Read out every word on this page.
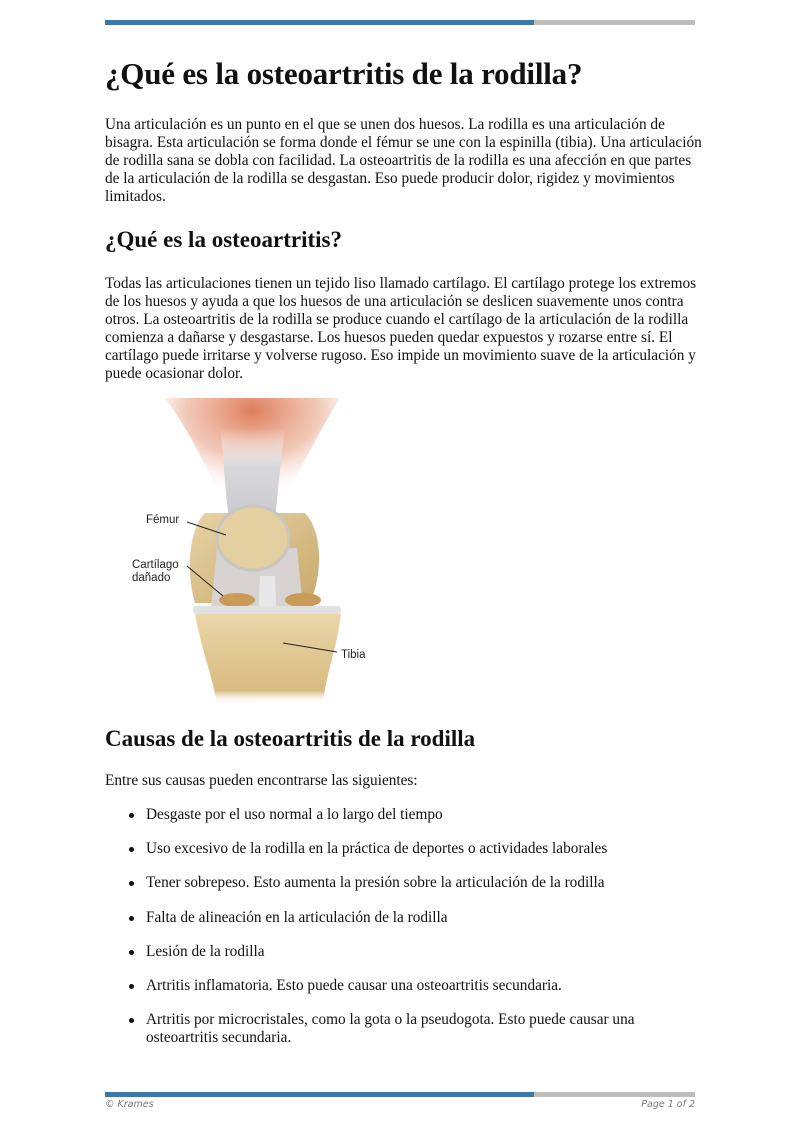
¿Qué es la osteoartritis de la rodilla?

Una articulación es un punto en el que se unen dos huesos. La rodilla es una articulación de bisagra. Esta articulación se forma donde el fémur se une con la espinilla (tibia). Una articulación de rodilla sana se dobla con facilidad. La osteoartritis de la rodilla es una afección en que partes de la articulación de la rodilla se desgastan. Eso puede producir dolor, rigidez y movimientos limitados.

¿Qué es la osteoartritis?

Todas las articulaciones tienen un tejido liso llamado cartílago. El cartílago protege los extremos de los huesos y ayuda a que los huesos de una articulación se deslicen suavemente unos contra otros. La osteoartritis de la rodilla se produce cuando el cartílago de la articulación de la rodilla comienza a dañarse y desgastarse. Los huesos pueden quedar expuestos y rozarse entre sí. El cartílago puede irritarse y volverse rugoso. Eso impide un movimiento suave de la articulación y puede ocasionar dolor.

Fémur
Cartílago
dañado
Tibia
Causas de la osteoartritis de la rodilla

Entre sus causas pueden encontrarse las siguientes:

Desgaste por el uso normal a lo largo del tiempo
Uso excesivo de la rodilla en la práctica de deportes o actividades laborales
Tener sobrepeso. Esto aumenta la presión sobre la articulación de la rodilla
Falta de alineación en la articulación de la rodilla
Lesión de la rodilla
Artritis inflamatoria. Esto puede causar una osteoartritis secundaria.
Artritis por microcristales, como la gota o la pseudogota. Esto puede causar una osteoartritis secundaria.
© Krames	Page 1 of 2
